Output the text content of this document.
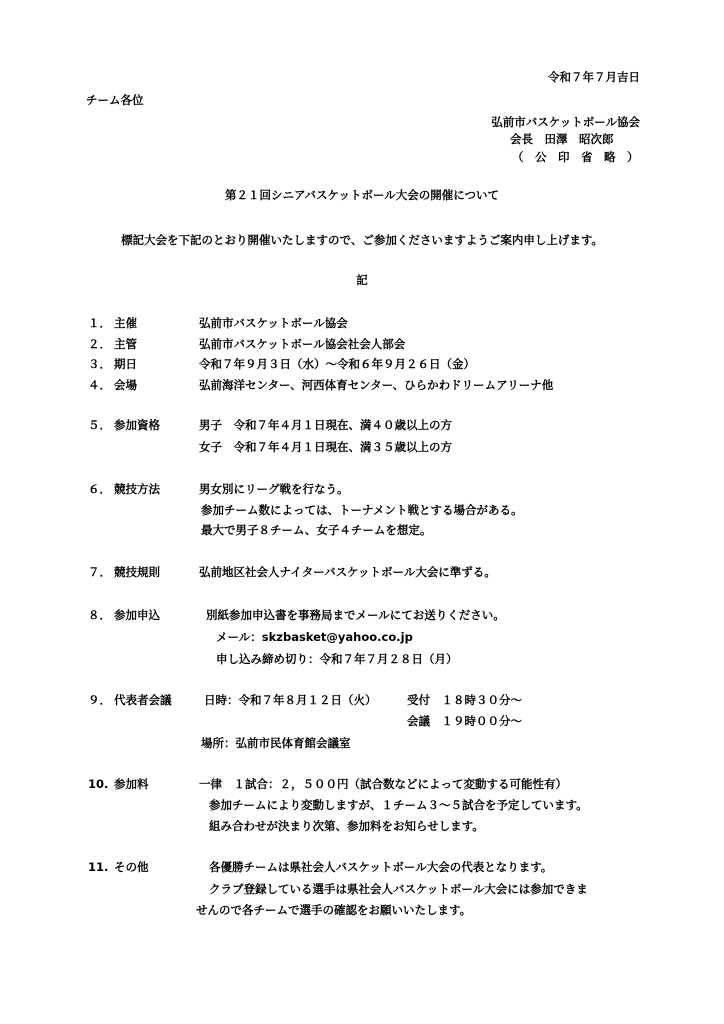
令和７年７月吉日
チーム各位
弘前市バスケットボール協会
会長　田澤　昭次郎
（　公　印　省　略　）
第２１回シニアバスケットボール大会の開催について
標記大会を下記のとおり開催いたしますので、ご参加くださいますようご案内申し上げます。
記
１． 主催	弘前市バスケットボール協会
２． 主管	弘前市バスケットボール協会社会人部会
３． 期日	令和７年９月３日（水）～令和６年９月２６日（金）
４． 会場	弘前海洋センター、河西体育センター、ひらかわドリームアリーナ他
５． 参加資格	男子　令和７年４月１日現在、満４０歳以上の方
女子　令和７年４月１日現在、満３５歳以上の方
６． 競技方法	男女別にリーグ戦を行なう。
参加チーム数によっては、トーナメント戦とする場合がある。
最大で男子８チーム、女子４チームを想定。
７． 競技規則	弘前地区社会人ナイターバスケットボール大会に準ずる。
８． 参加申込	別紙参加申込書を事務局までメールにてお送りください。
メール：skzbasket@yahoo.co.jp
申し込み締め切り：令和７年７月２８日（月）
９． 代表者会議	日時：令和７年８月１２日（火）	受付　１８時３０分～
会議　１９時００分～
場所：弘前市民体育館会議室
10. 参加料	一律　１試合：２，５００円（試合数などによって変動する可能性有）
参加チームにより変動しますが、１チーム３～５試合を予定しています。
組み合わせが決まり次第、参加料をお知らせします。
11. その他	各優勝チームは県社会人バスケットボール大会の代表となります。
クラブ登録している選手は県社会人バスケットボール大会には参加できま
せんので各チームで選手の確認をお願いいたします。
